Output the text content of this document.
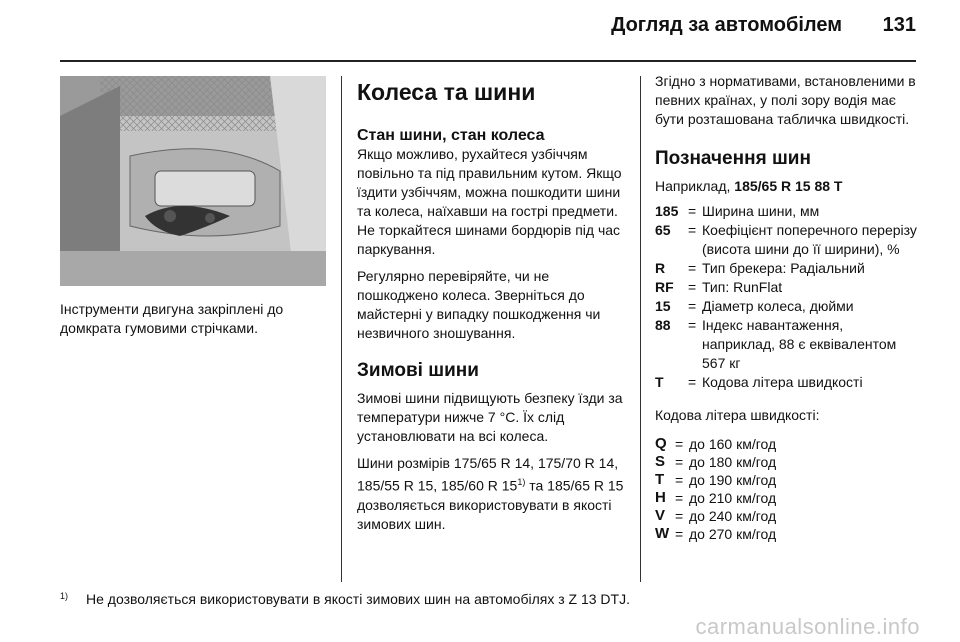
Догляд за автомобілем 131
Інструменти двигуна закріплені до домкрата гумовими стрічками.
Колеса та шини
Стан шини, стан колеса

Якщо можливо, рухайтеся узбіччям повільно та під правильним кутом. Якщо їздити узбіччям, можна пошкодити шини та колеса, наїхавши на гострі предмети. Не торкайтеся шинами бордюрів під час паркування.

Регулярно перевіряйте, чи не пошкоджено колеса. Зверніться до майстерні у випадку пошкодження чи незвичного зношування.

Зимові шини

Зимові шини підвищують безпеку їзди за температури нижче 7 °C. Їх слід установлювати на всі колеса.

Шини розмірів 175/65 R 14, 175/70 R 14, 185/55 R 15, 185/60 R 15$^{1)}$ та 185/65 R 15 дозволяється використовувати в якості зимових шин.

Згідно з нормативами, встановленими в певних країнах, у полі зору водія має бути розташована табличка швидкості.

Позначення шин

Наприклад, 185/65 R 15 88 T

185 = Ширина шини, мм
65	= Коефіцієнт поперечного перерізу (висота шини до її ширини), %
R	= Тип брекера: Радіальний
RF	= Тип: RunFlat
15	= Діаметр колеса, дюйми
88	= Індекс навантаження, наприклад, 88 є еквівалентом 567 кг
T	= Кодова літера швидкості

Кодова літера швидкості:

Q = до 160 км/год
S = до 180 км/год
T = до 190 км/год
H = до 210 км/год
V = до 240 км/год
W = до 270 км/год
1) Не дозволяється використовувати в якості зимових шин на автомобілях з Z 13 DTJ.
carmanualsonline.info
